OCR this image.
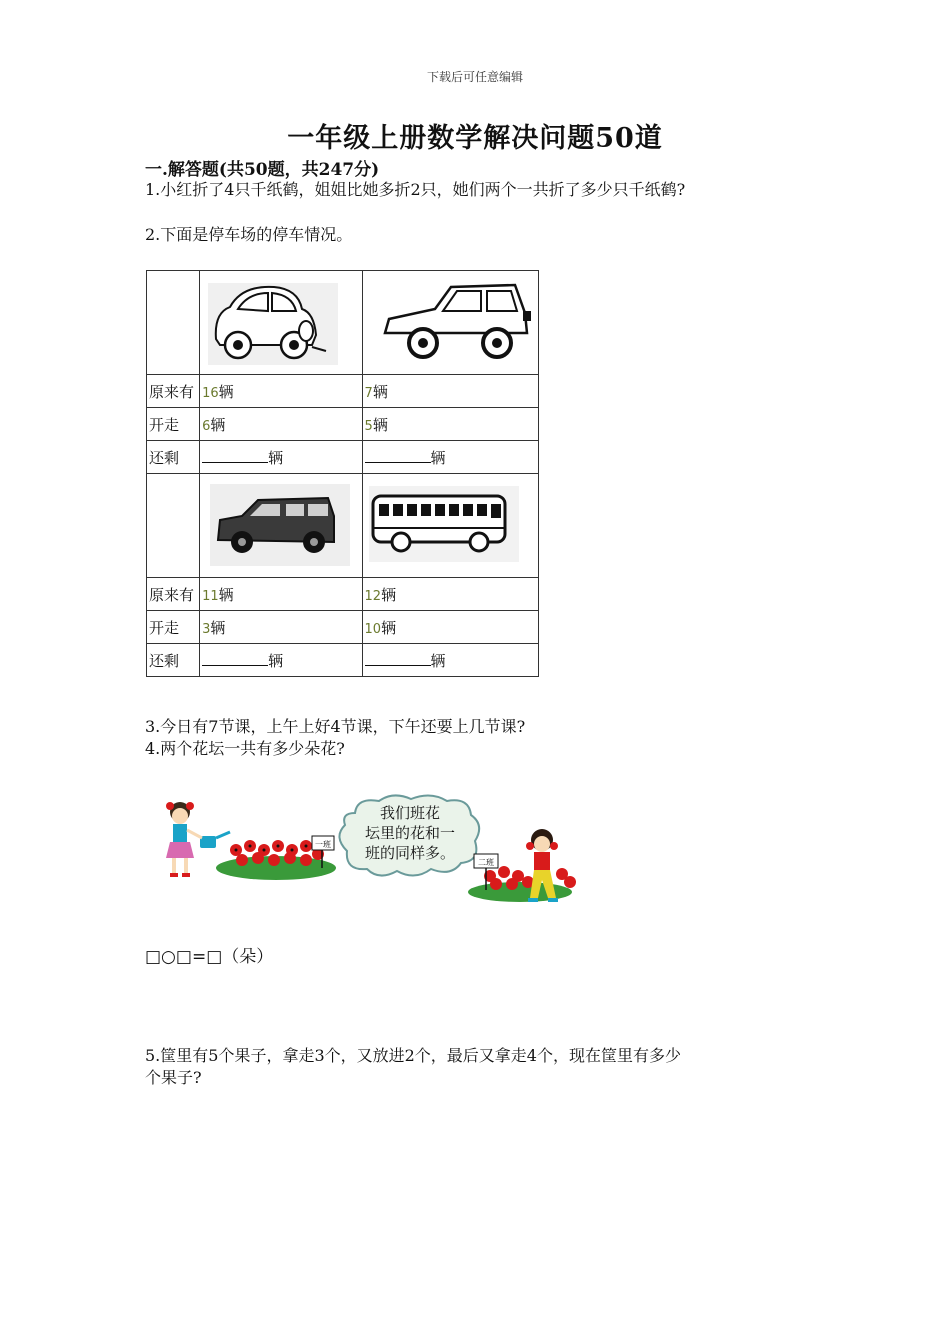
下载后可任意编辑
一年级上册数学解决问题50道
一.解答题(共50题，共247分)
1.小红折了4只千纸鹤，姐姐比她多折2只，她们两个一共折了多少只千纸鹤?
2.下面是停车场的停车情况。

原来有	16辆	7辆
开走	6辆	5辆
还剩	辆	辆

原来有	11辆	12辆
开走	3辆	10辆
还剩	辆	辆
3.今日有7节课，上午上好4节课，下午还要上几节课?
4.两个花坛一共有多少朵花?
一班
我们班花
坛里的花和一
班的同样多。
二班
□○□=□（朵）
5.筐里有5个果子，拿走3个，又放进2个，最后又拿走4个，现在筐里有多少
个果子?
